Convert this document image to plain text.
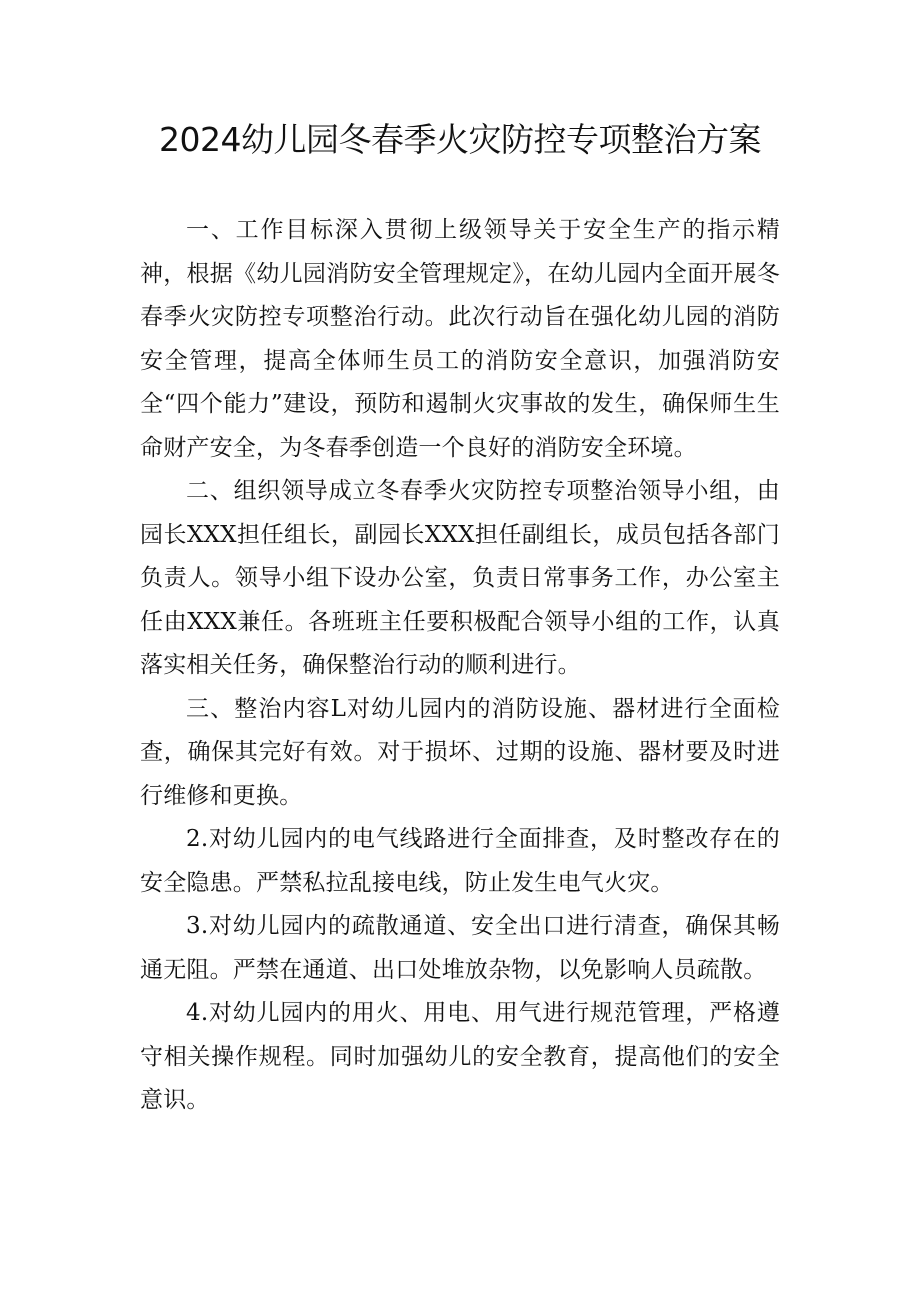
2024幼儿园冬春季火灾防控专项整治方案

一、工作目标深入贯彻上级领导关于安全生产的指示精神，根据《幼儿园消防安全管理规定》，在幼儿园内全面开展冬春季火灾防控专项整治行动。此次行动旨在强化幼儿园的消防安全管理，提高全体师生员工的消防安全意识，加强消防安全“四个能力”建设，预防和遏制火灾事故的发生，确保师生生命财产安全，为冬春季创造一个良好的消防安全环境。

二、组织领导成立冬春季火灾防控专项整治领导小组，由园长XXX担任组长，副园长XXX担任副组长，成员包括各部门负责人。领导小组下设办公室，负责日常事务工作，办公室主任由XXX兼任。各班班主任要积极配合领导小组的工作，认真落实相关任务，确保整治行动的顺利进行。

三、整治内容L对幼儿园内的消防设施、器材进行全面检查，确保其完好有效。对于损坏、过期的设施、器材要及时进行维修和更换。

2.对幼儿园内的电气线路进行全面排查，及时整改存在的安全隐患。严禁私拉乱接电线，防止发生电气火灾。

3.对幼儿园内的疏散通道、安全出口进行清查，确保其畅通无阻。严禁在通道、出口处堆放杂物，以免影响人员疏散。

4.对幼儿园内的用火、用电、用气进行规范管理，严格遵守相关操作规程。同时加强幼儿的安全教育，提高他们的安全意识。
